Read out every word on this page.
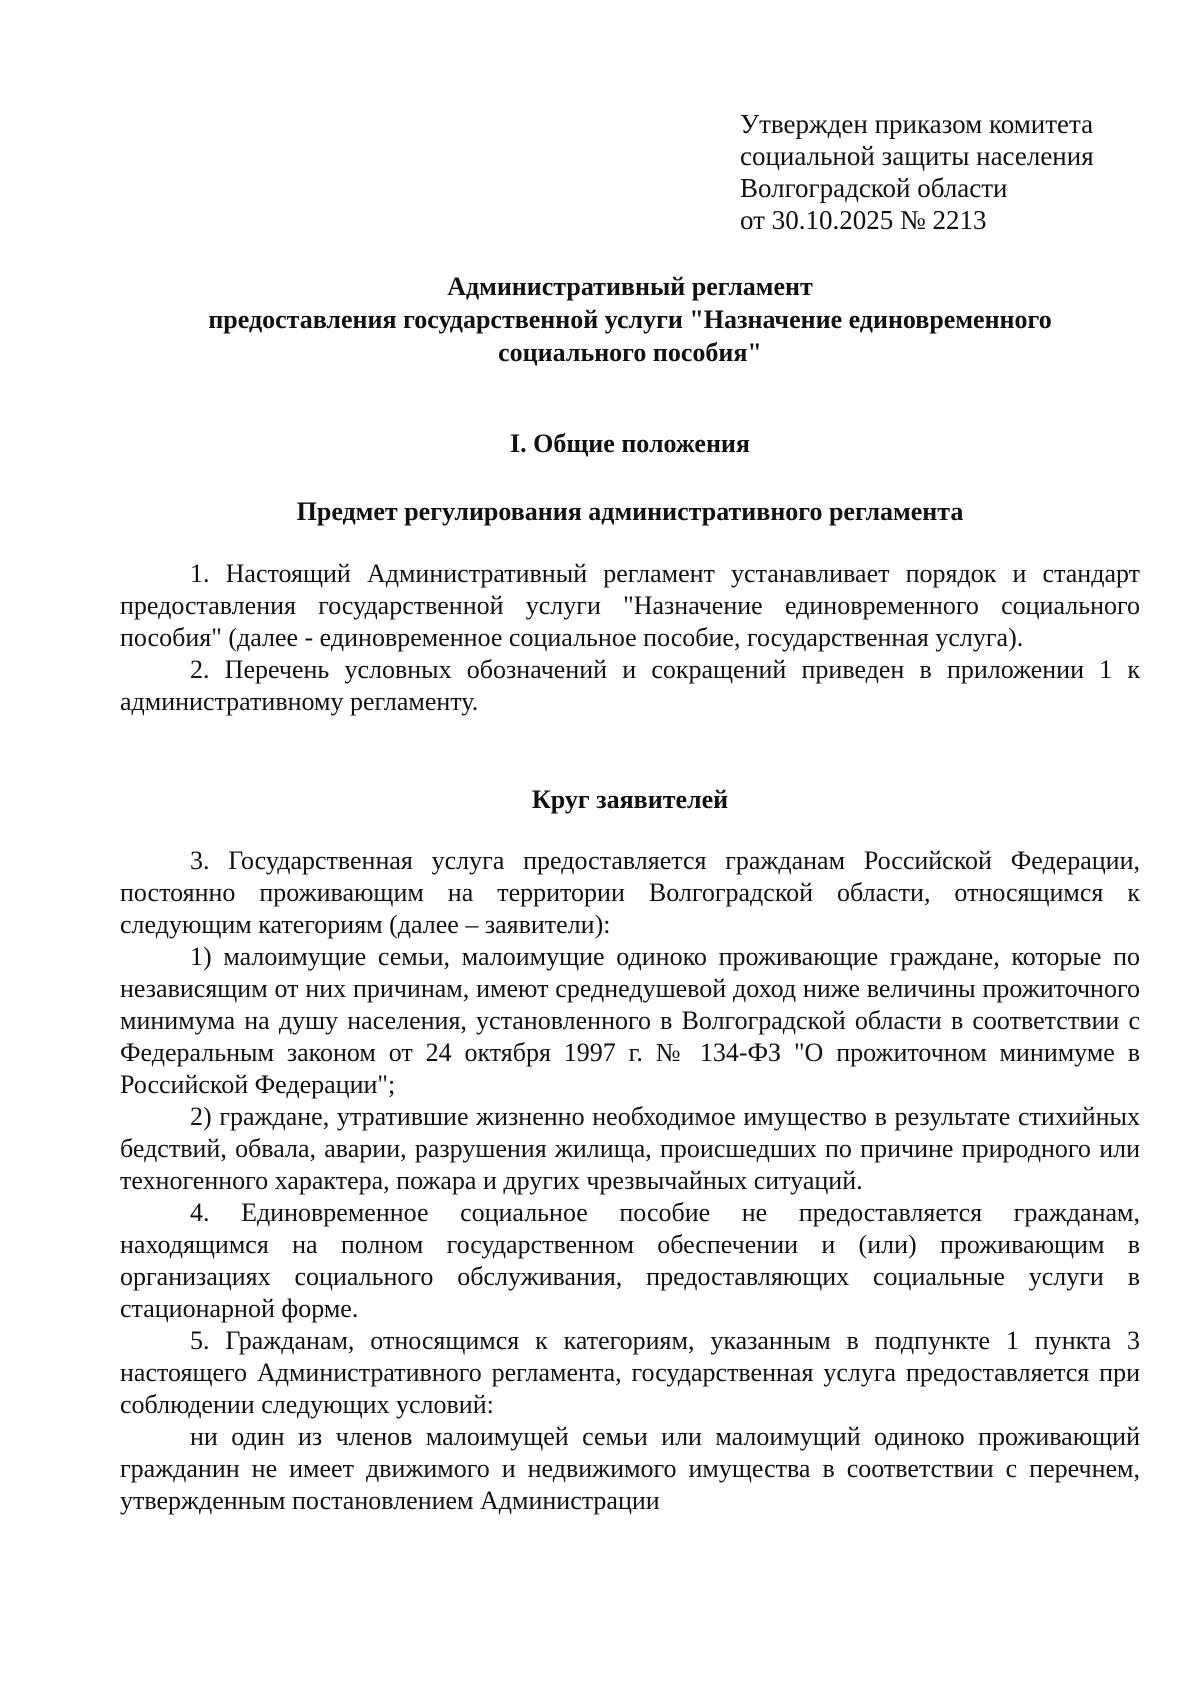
Утвержден приказом комитета
социальной защиты населения
Волгоградской области
от 30.10.2025 № 2213
Административный регламент
предоставления государственной услуги "Назначение единовременного
социального пособия"
I. Общие положения
Предмет регулирования административного регламента

1. Настоящий Административный регламент устанавливает порядок и стандарт предоставления государственной услуги "Назначение единовременного социального пособия" (далее - единовременное социальное пособие, государственная услуга).

2. Перечень условных обозначений и сокращений приведен в приложении 1 к административному регламенту.

Круг заявителей

3. Государственная услуга предоставляется гражданам Российской Федерации, постоянно проживающим на территории Волгоградской области, относящимся к следующим категориям (далее – заявители):

1) малоимущие семьи, малоимущие одиноко проживающие граждане, которые по независящим от них причинам, имеют среднедушевой доход ниже величины прожиточного минимума на душу населения, установленного в Волгоградской области в соответствии с Федеральным законом от 24 октября 1997 г. № 134-ФЗ "О прожиточном минимуме в Российской Федерации";

2) граждане, утратившие жизненно необходимое имущество в результате стихийных бедствий, обвала, аварии, разрушения жилища, происшедших по причине природного или техногенного характера, пожара и других чрезвычайных ситуаций.

4. Единовременное социальное пособие не предоставляется гражданам, находящимся на полном государственном обеспечении и (или) проживающим в организациях социального обслуживания, предоставляющих социальные услуги в стационарной форме.

5. Гражданам, относящимся к категориям, указанным в подпункте 1 пункта 3 настоящего Административного регламента, государственная услуга предоставляется при соблюдении следующих условий:

ни один из членов малоимущей семьи или малоимущий одиноко проживающий гражданин не имеет движимого и недвижимого имущества в соответствии с перечнем, утвержденным постановлением Администрации
